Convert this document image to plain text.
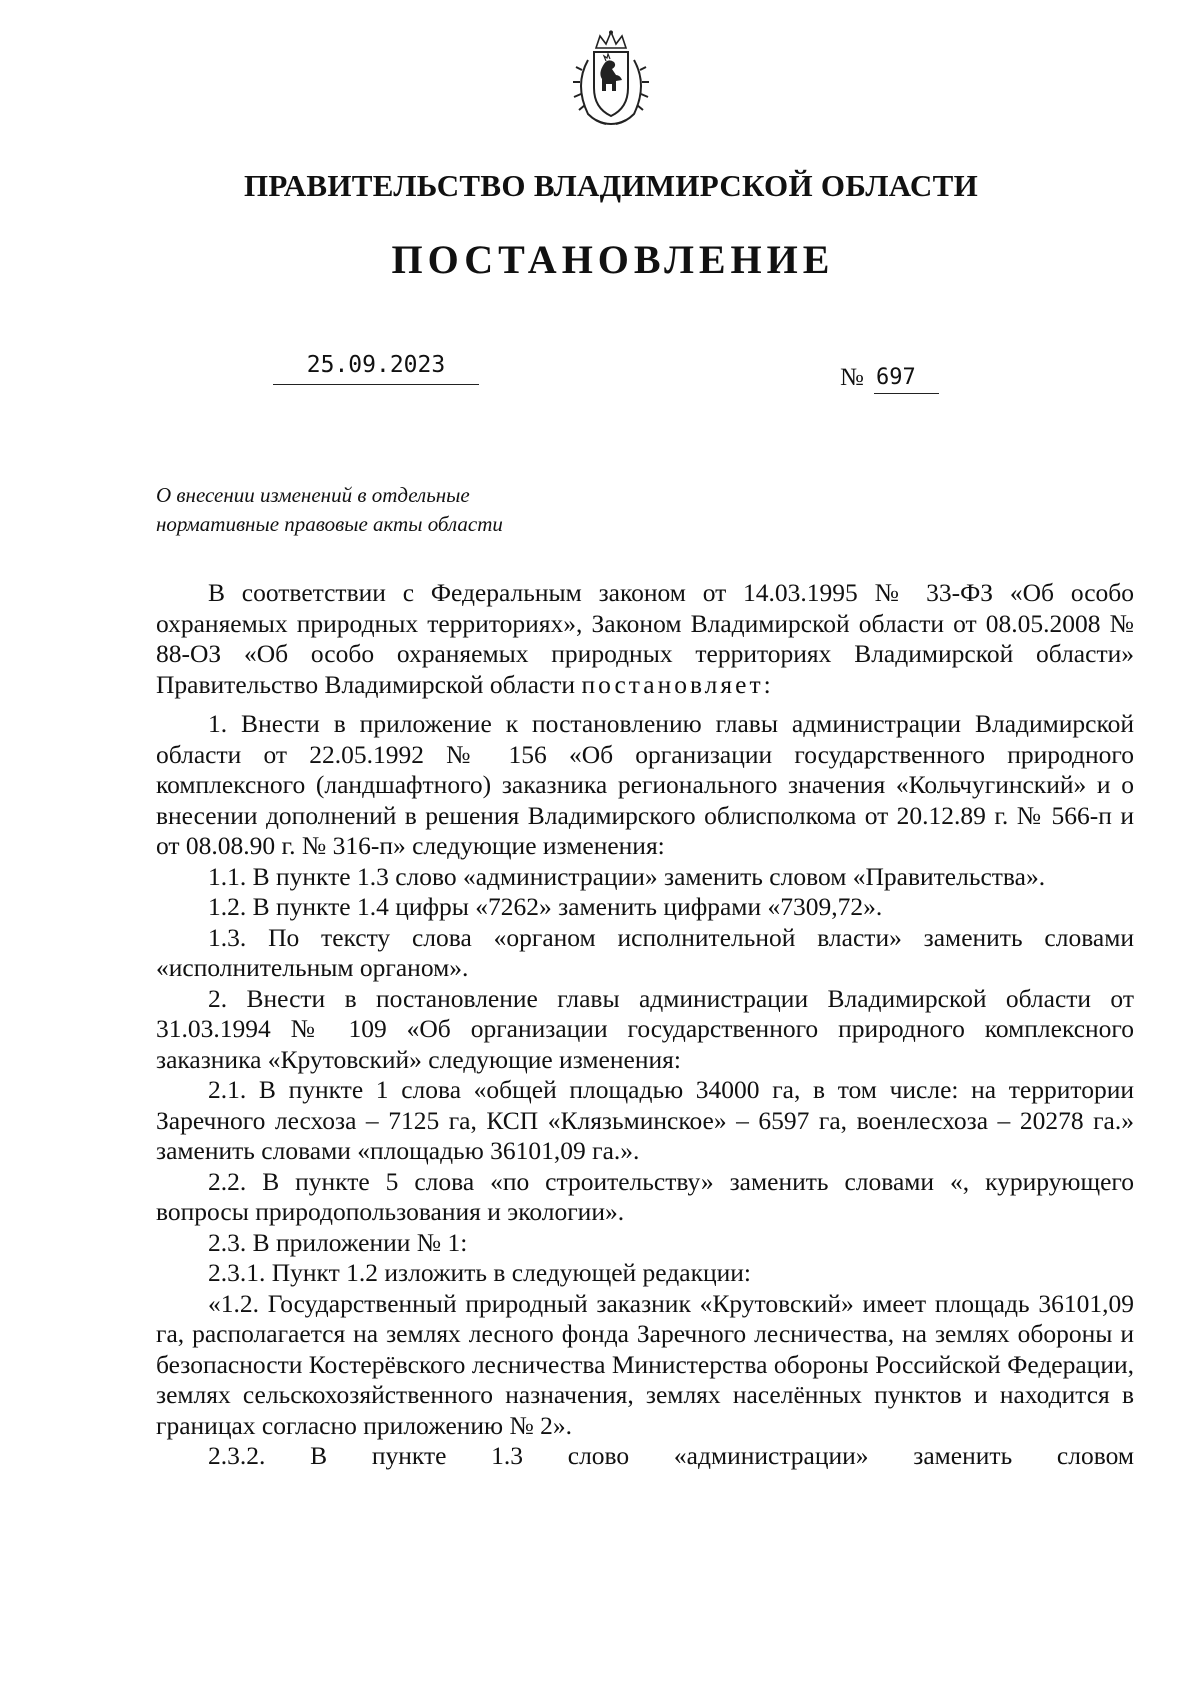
ПРАВИТЕЛЬСТВО ВЛАДИМИРСКОЙ ОБЛАСТИ
ПОСТАНОВЛЕНИЕ
25.09.2023	№ 697
О внесении изменений в отдельные
нормативные правовые акты области

В соответствии с Федеральным законом от 14.03.1995 № 33-ФЗ «Об особо охраняемых природных территориях», Законом Владимирской области от 08.05.2008 № 88-ОЗ «Об особо охраняемых природных территориях Владимирской области» Правительство Владимирской области постановляет:

1. Внести в приложение к постановлению главы администрации Владимирской области от 22.05.1992 № 156 «Об организации государственного природного комплексного (ландшафтного) заказника регионального значения «Кольчугинский» и о внесении дополнений в решения Владимирского облисполкома от 20.12.89 г. № 566-п и от 08.08.90 г. № 316-п» следующие изменения:

1.1. В пункте 1.3 слово «администрации» заменить словом «Правительства».

1.2. В пункте 1.4 цифры «7262» заменить цифрами «7309,72».

1.3. По тексту слова «органом исполнительной власти» заменить словами «исполнительным органом».

2. Внести в постановление главы администрации Владимирской области от 31.03.1994 № 109 «Об организации государственного природного комплексного заказника «Крутовский» следующие изменения:

2.1. В пункте 1 слова «общей площадью 34000 га, в том числе: на территории Заречного лесхоза – 7125 га, КСП «Клязьминское» – 6597 га, военлесхоза – 20278 га.» заменить словами «площадью 36101,09 га.».

2.2. В пункте 5 слова «по строительству» заменить словами «, курирующего вопросы природопользования и экологии».

2.3. В приложении № 1:

2.3.1. Пункт 1.2 изложить в следующей редакции:

«1.2. Государственный природный заказник «Крутовский» имеет площадь 36101,09 га, располагается на землях лесного фонда Заречного лесничества, на землях обороны и безопасности Костерёвского лесничества Министерства обороны Российской Федерации, землях сельскохозяйственного назначения, землях населённых пунктов и находится в границах согласно приложению № 2».

2.3.2. В пункте 1.3 слово «администрации» заменить словом
